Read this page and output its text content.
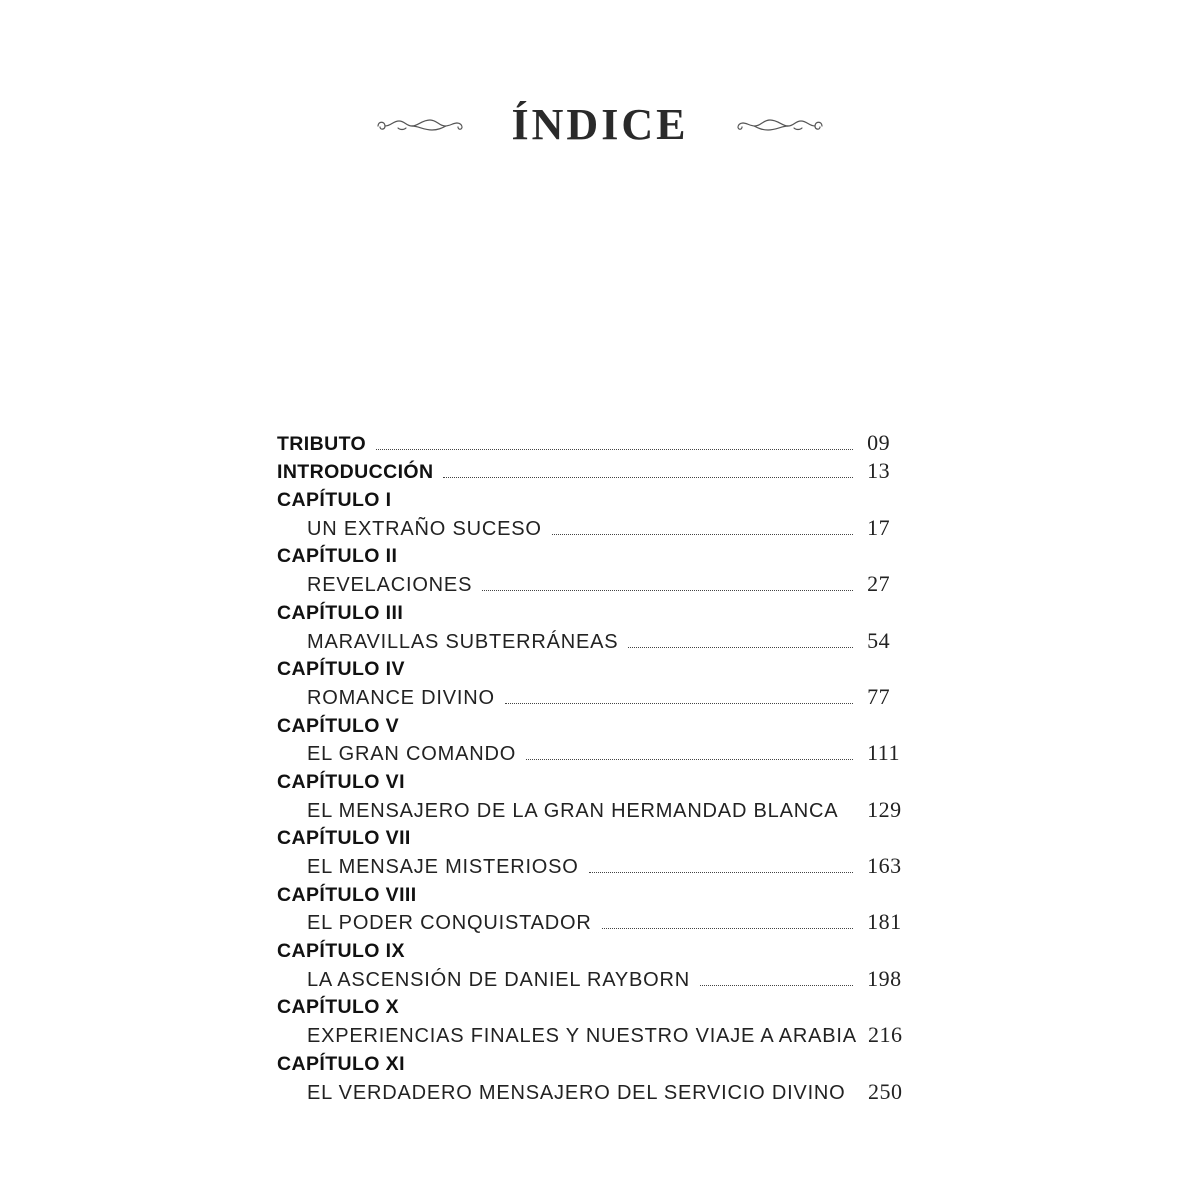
ÍNDICE
TRIBUTO	09
INTRODUCCIÓN	13
CAPÍTULO I
UN EXTRAÑO SUCESO	17
CAPÍTULO II
REVELACIONES	27
CAPÍTULO III
MARAVILLAS SUBTERRÁNEAS	54
CAPÍTULO IV
ROMANCE DIVINO	77
CAPÍTULO V
EL GRAN COMANDO	111
CAPÍTULO VI
EL MENSAJERO DE LA GRAN HERMANDAD BLANCA	129
CAPÍTULO VII
EL MENSAJE MISTERIOSO	163
CAPÍTULO VIII
EL PODER CONQUISTADOR	181
CAPÍTULO IX
LA ASCENSIÓN DE DANIEL RAYBORN	198
CAPÍTULO X
EXPERIENCIAS FINALES Y NUESTRO VIAJE A ARABIA 216
CAPÍTULO XI
EL VERDADERO MENSAJERO DEL SERVICIO DIVINO	250
